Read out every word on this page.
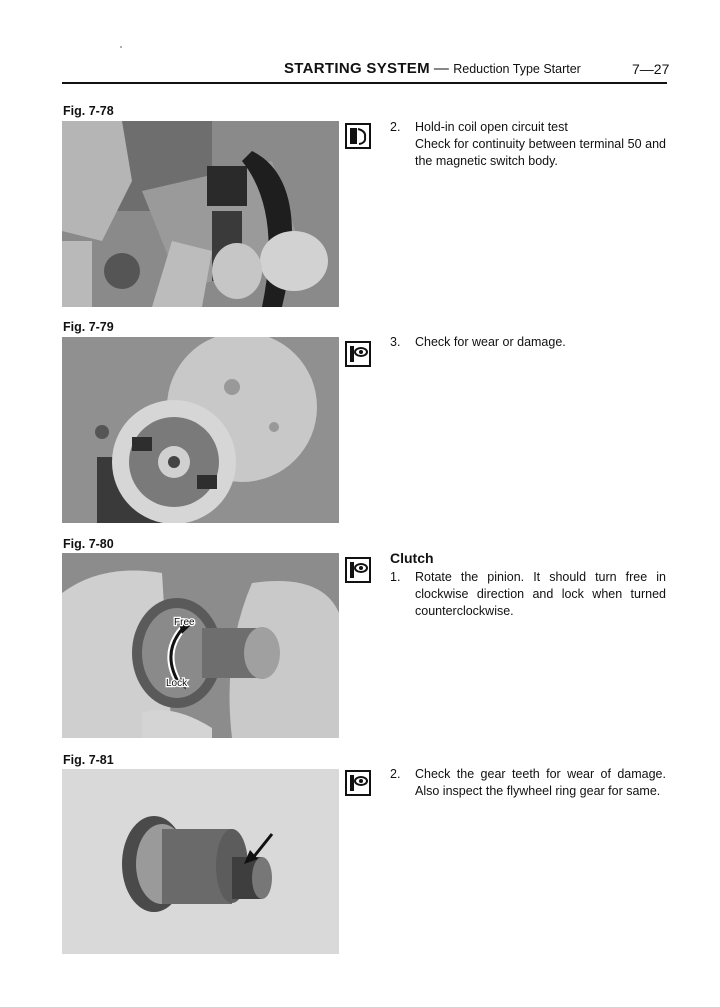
STARTING SYSTEM — Reduction Type Starter	7—27
Fig. 7-78
Fig. 7-79
Fig. 7-80
Free
Lock
Fig. 7-81
2. Hold-in coil open circuit test
Check for continuity between terminal 50 and the magnetic switch body.
3. Check for wear or damage.
Clutch
1. Rotate the pinion. It should turn free in clockwise direction and lock when turned counterclockwise.
2. Check the gear teeth for wear of damage. Also inspect the flywheel ring gear for same.
